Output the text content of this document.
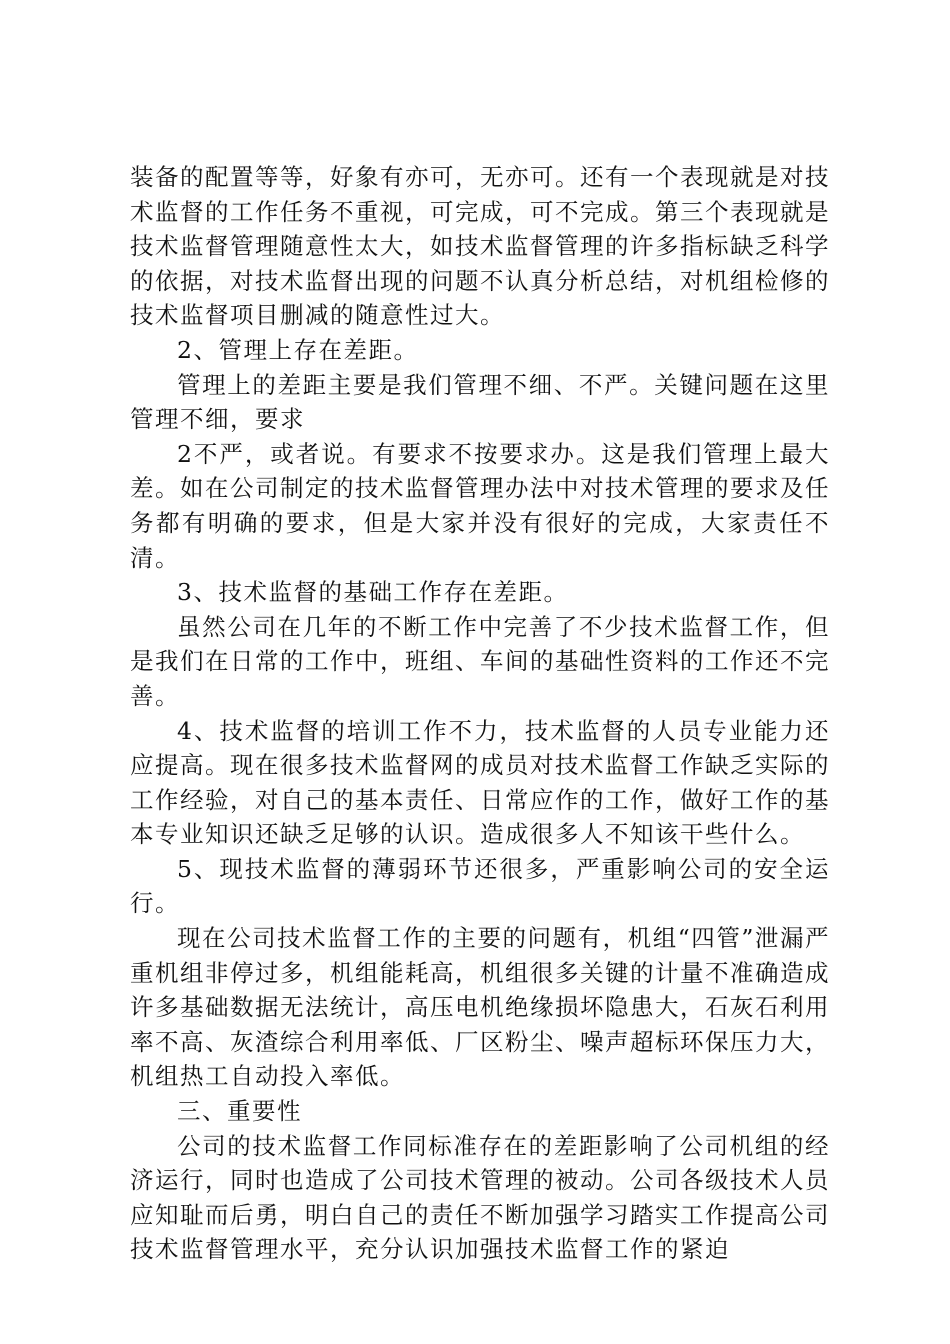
装备的配置等等，好象有亦可，无亦可。还有一个表现就是对技术监督的工作任务不重视，可完成，可不完成。第三个表现就是技术监督管理随意性太大，如技术监督管理的许多指标缺乏科学的依据，对技术监督出现的问题不认真分析总结，对机组检修的技术监督项目删减的随意性过大。

2、管理上存在差距。

管理上的差距主要是我们管理不细、不严。关键问题在这里管理不细，要求

2不严，或者说。有要求不按要求办。这是我们管理上最大差。如在公司制定的技术监督管理办法中对技术管理的要求及任务都有明确的要求，但是大家并没有很好的完成，大家责任不清。

3、技术监督的基础工作存在差距。

虽然公司在几年的不断工作中完善了不少技术监督工作，但是我们在日常的工作中，班组、车间的基础性资料的工作还不完善。

4、技术监督的培训工作不力，技术监督的人员专业能力还应提高。现在很多技术监督网的成员对技术监督工作缺乏实际的工作经验，对自己的基本责任、日常应作的工作，做好工作的基本专业知识还缺乏足够的认识。造成很多人不知该干些什么。

5、现技术监督的薄弱环节还很多，严重影响公司的安全运行。

现在公司技术监督工作的主要的问题有，机组“四管”泄漏严重机组非停过多，机组能耗高，机组很多关键的计量不准确造成许多基础数据无法统计，高压电机绝缘损坏隐患大，石灰石利用率不高、灰渣综合利用率低、厂区粉尘、噪声超标环保压力大，机组热工自动投入率低。

三、重要性

公司的技术监督工作同标准存在的差距影响了公司机组的经济运行，同时也造成了公司技术管理的被动。公司各级技术人员应知耻而后勇，明白自己的责任不断加强学习踏实工作提高公司技术监督管理水平，充分认识加强技术监督工作的紧迫
